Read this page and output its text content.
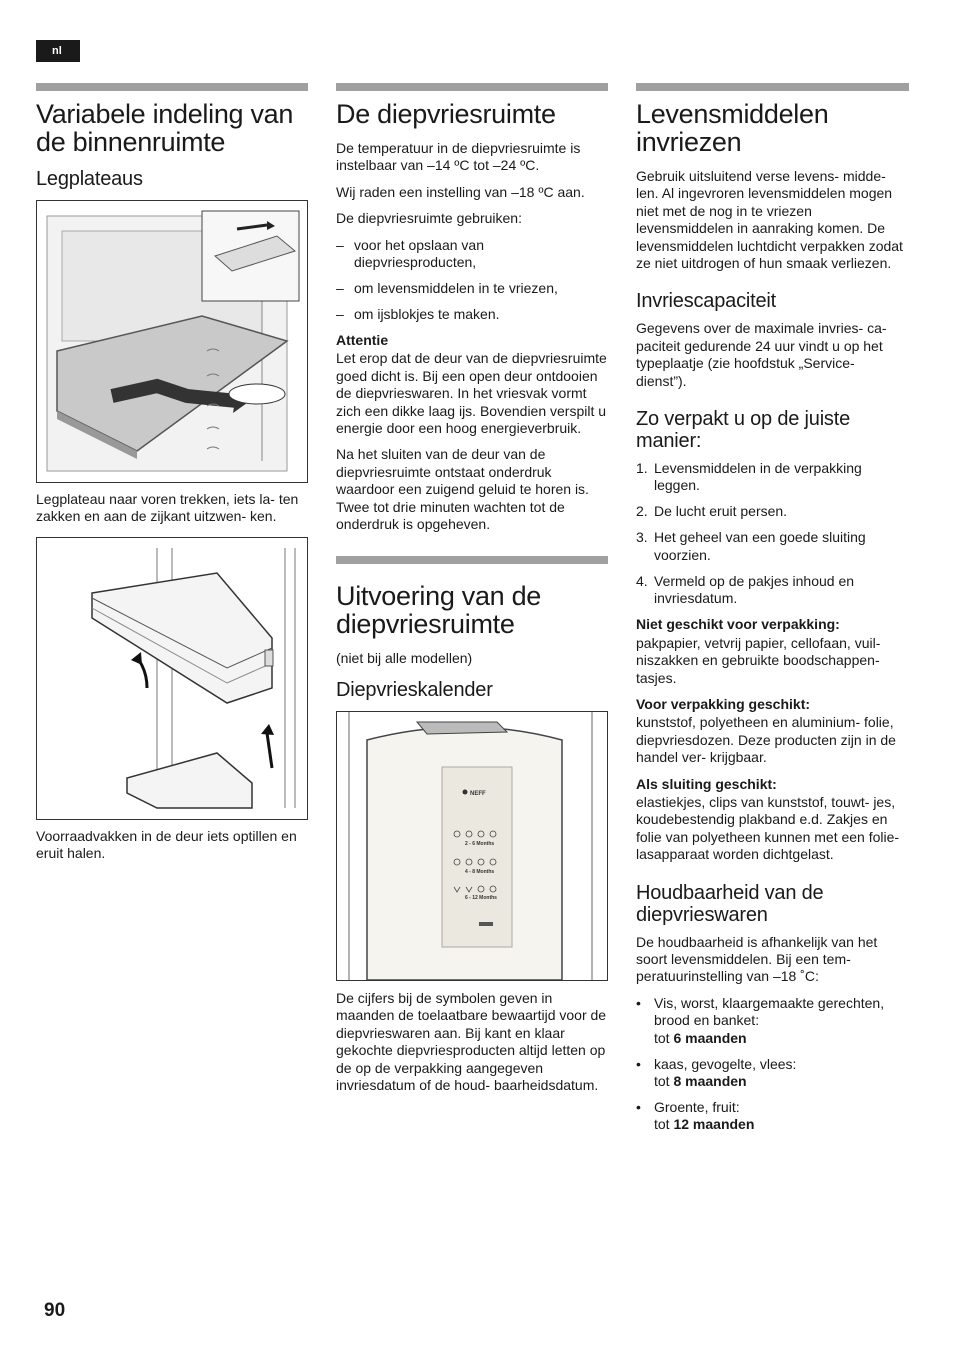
nl
Variabele indeling van de binnenruimte
Legplateaus

Legplateau naar voren trekken, iets la- ten zakken en aan de zijkant uitzwen- ken.

Voorraadvakken in de deur iets optillen en eruit halen.

De diepvriesruimte

De temperatuur in de diepvriesruimte is instelbaar van –14 ºC tot –24 ºC.

Wij raden een instelling van –18 ºC aan.

De diepvriesruimte gebruiken:

– voor het opslaan van diepvriesproducten,
– om levensmiddelen in te vriezen,
– om ijsblokjes te maken.

Attentie

Let erop dat de deur van de diepvriesruimte goed dicht is. Bij een open deur ontdooien de diepvrieswaren. In het vriesvak vormt zich een dikke laag ijs. Bovendien verspilt u energie door een hoog energieverbruik.

Na het sluiten van de deur van de diepvriesruimte ontstaat onderdruk waardoor een zuigend geluid te horen is. Twee tot drie minuten wachten tot de onderdruk is opgeheven.

Uitvoering van de diepvriesruimte

(niet bij alle modellen)

Diepvrieskalender
NEFF
2 - 6 Months
4 - 8 Months
6 - 12 Months

De cijfers bij de symbolen geven in maanden de toelaatbare bewaartijd voor de diepvrieswaren aan. Bij kant en klaar gekochte diepvriesproducten altijd letten op de op de verpakking aangegeven invriesdatum of de houd- baarheidsdatum.

Levensmiddelen invriezen

Gebruik uitsluitend verse levens- midde- len. Al ingevroren levensmiddelen mogen niet met de nog in te vriezen levensmiddelen in aanraking komen. De levensmiddelen luchtdicht verpakken zodat ze niet uitdrogen of hun smaak verliezen.

Invriescapaciteit

Gegevens over de maximale invries- ca- paciteit gedurende 24 uur vindt u op het typeplaatje (zie hoofdstuk „Service- dienst”).

Zo verpakt u op de juiste manier:
1. Levensmiddelen in de verpakking leggen.
2. De lucht eruit persen.
3. Het geheel van een goede sluiting voorzien.
4. Vermeld op de pakjes inhoud en invriesdatum.

Niet geschikt voor verpakking:

pakpapier, vetvrij papier, cellofaan, vuil- niszakken en gebruikte boodschappen- tasjes.

Voor verpakking geschikt:

kunststof, polyetheen en aluminium- folie, diepvriesdozen. Deze producten zijn in de handel ver- krijgbaar.

Als sluiting geschikt:

elastiekjes, clips van kunststof, touwt- jes, koudebestendig plakband e.d. Zakjes en folie van polyetheen kunnen met een folie-lasapparaat worden dichtgelast.

Houdbaarheid van de diepvrieswaren

De houdbaarheid is afhankelijk van het soort levensmiddelen. Bij een tem- peratuurinstelling van –18 ˚C:

• Vis, worst, klaargemaakte gerechten, brood en banket:
tot 6 maanden
• kaas, gevogelte, vlees:
tot 8 maanden
• Groente, fruit:
tot 12 maanden
90
